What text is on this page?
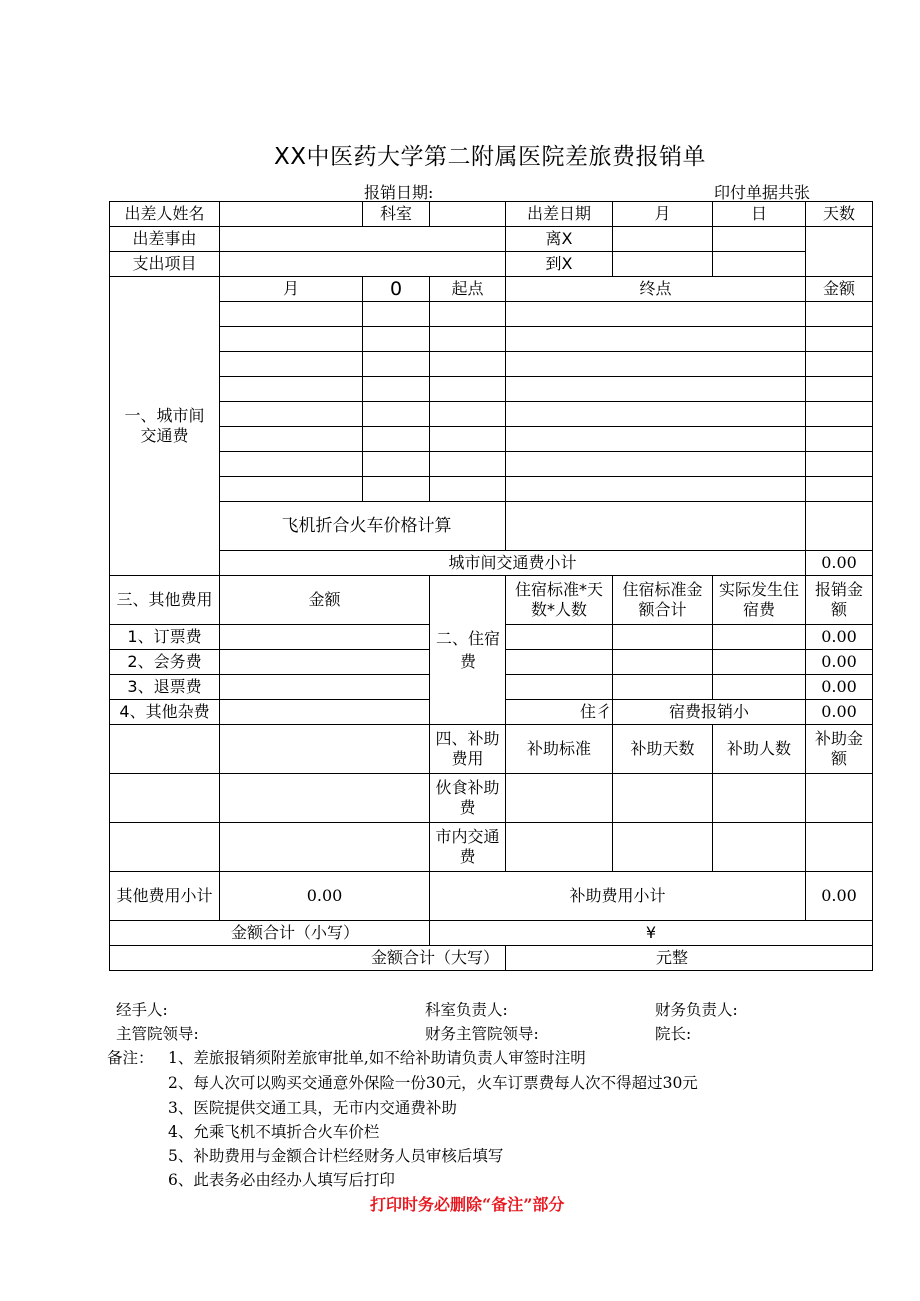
XX中医药大学第二附属医院差旅费报销单
报销日期:	印付单据共张
出差人姓名		科室		出差日期	月	日	天数
出差事由				离X			
支出项目				到X			
一、城市间交通费	月	0	起点	终点			金额

	飞机折合火车价格计算						
	城市间交通费小计						0.00
三、其他费用	金额		二、住宿费	住宿标准*天数*人数	住宿标准金额合计	实际发生住宿费	报销金额
1、订票费							0.00
2、会务费							0.00
3、退票费							0.00
4、其他杂费				住彳	宿费报销小		0.00
			四、补助费用	补助标准	补助天数	补助人数	补助金额
			伙食补助费				
			市内交通费				
其他费用小计	0.00		补助费用小计				0.00
金额合计（小写）			¥				
金额合计（大写）				元整			
经手人:	科室负责人:	财务负责人:
主管院领导:	财务主管院领导:	院长:
备注： 1、差旅报销须附差旅审批单,如不给补助请负责人审签时注明
2、每人次可以购买交通意外保险一份30元，火车订票费每人次不得超过30元
3、医院提供交通工具，无市内交通费补助
4、允乘飞机不填折合火车价栏
5、补助费用与金额合计栏经财务人员审核后填写
6、此表务必由经办人填写后打印
打印时务必删除“备注”部分
